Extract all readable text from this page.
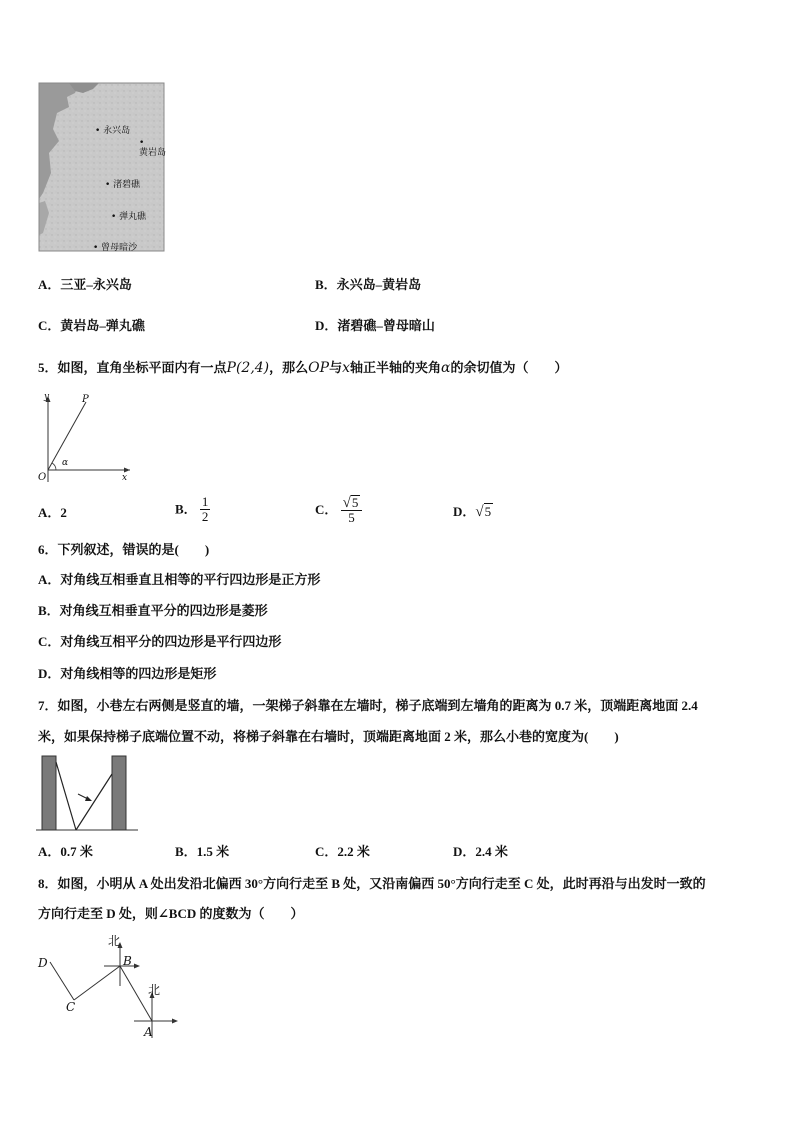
• 永兴岛
•
黄岩岛
• 渚碧礁
• 弹丸礁
• 曾母暗沙
A．三亚–永兴岛	B．永兴岛–黄岩岛
C．黄岩岛–弹丸礁	D．渚碧礁–曾母暗山
5．如图，直角坐标平面内有一点P(2,4)，那么OP与x轴正半轴的夹角α的余切值为（　　）
y
x
O
P
α
A．2	B． $\frac{1}{2}$	C． $\frac{√5}{5}$	D．√5
6．下列叙述，错误的是(　　)
A．对角线互相垂直且相等的平行四边形是正方形
B．对角线互相垂直平分的四边形是菱形
C．对角线互相平分的四边形是平行四边形
D．对角线相等的四边形是矩形
7．如图，小巷左右两侧是竖直的墙，一架梯子斜靠在左墙时，梯子底端到左墙角的距离为 0.7 米，顶端距离地面 2.4
米，如果保持梯子底端位置不动，将梯子斜靠在右墙时，顶端距离地面 2 米，那么小巷的宽度为(　　)
A．0.7 米	B．1.5 米	C．2.2 米	D．2.4 米
8．如图，小明从 A 处出发沿北偏西 30°方向行走至 B 处，又沿南偏西 50°方向行走至 C 处，此时再沿与出发时一致的
方向行走至 D 处，则∠BCD 的度数为（　　）
北
北
B
A
C
D
